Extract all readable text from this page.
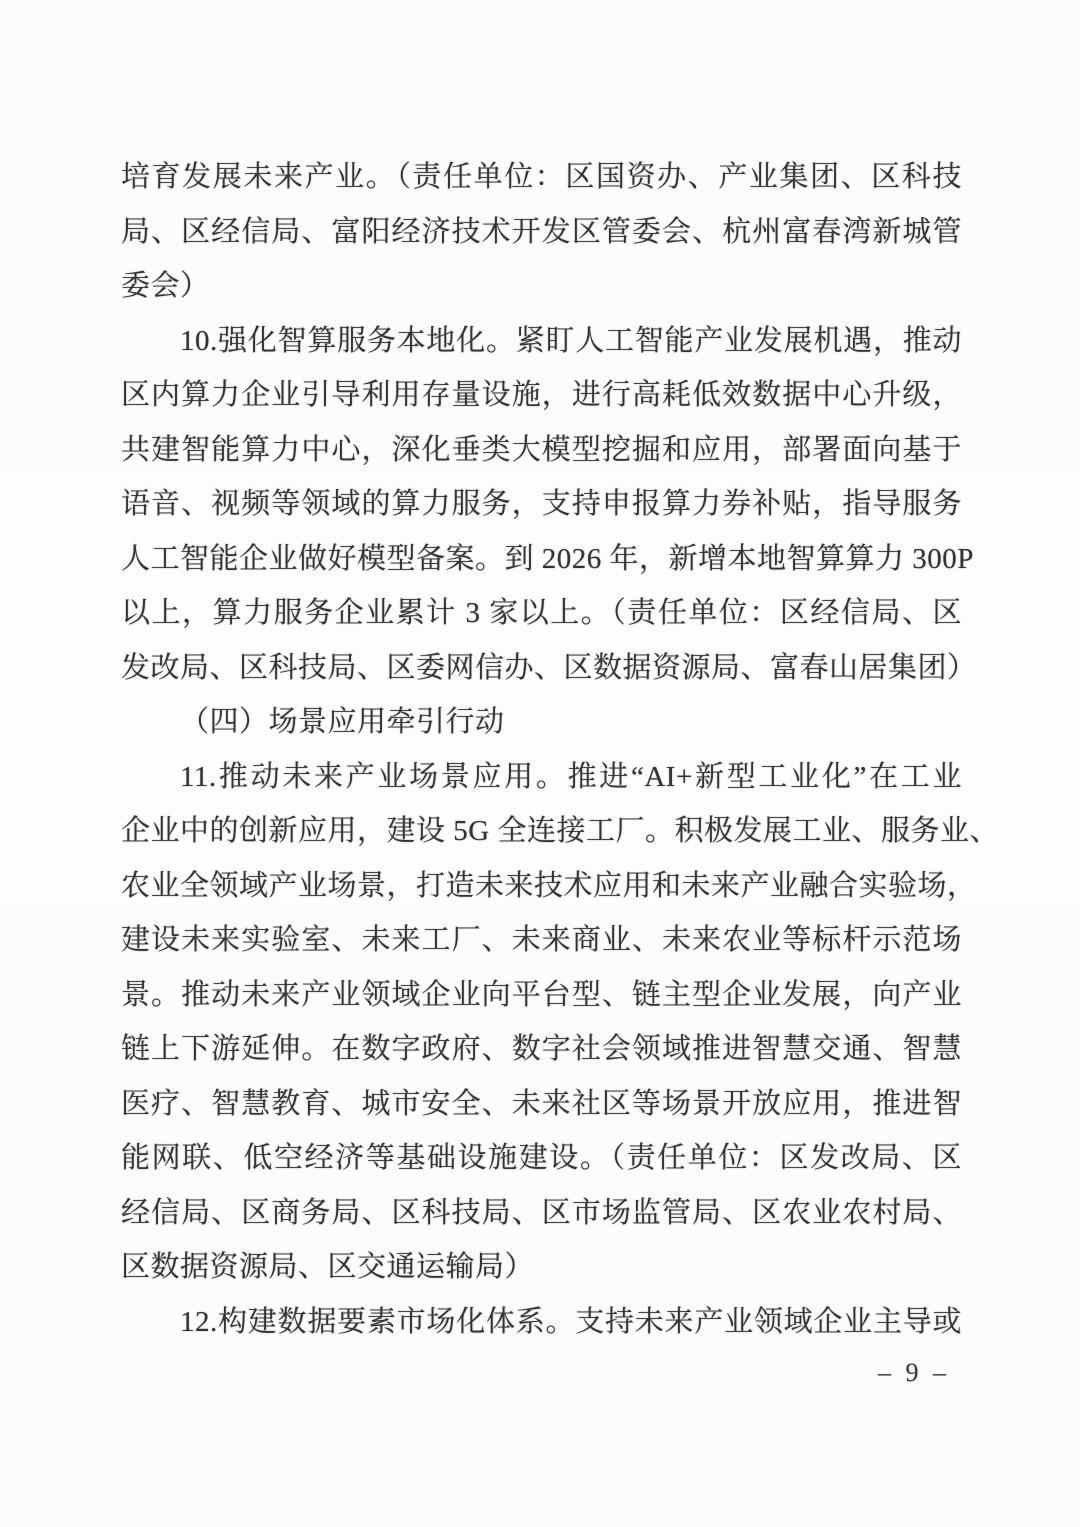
培育发展未来产业。（责任单位：区国资办、产业集团、区科技
局、区经信局、富阳经济技术开发区管委会、杭州富春湾新城管
委会）
10.强化智算服务本地化。紧盯人工智能产业发展机遇，推动
区内算力企业引导利用存量设施，进行高耗低效数据中心升级，
共建智能算力中心，深化垂类大模型挖掘和应用，部署面向基于
语音、视频等领域的算力服务，支持申报算力券补贴，指导服务
人工智能企业做好模型备案。到 2026 年，新增本地智算算力 300P
以上，算力服务企业累计 3 家以上。（责任单位：区经信局、区
发改局、区科技局、区委网信办、区数据资源局、富春山居集团）
（四）场景应用牵引行动
11.推动未来产业场景应用。推进“AI+新型工业化”在工业
企业中的创新应用，建设 5G 全连接工厂。积极发展工业、服务业、
农业全领域产业场景，打造未来技术应用和未来产业融合实验场，
建设未来实验室、未来工厂、未来商业、未来农业等标杆示范场
景。推动未来产业领域企业向平台型、链主型企业发展，向产业
链上下游延伸。在数字政府、数字社会领域推进智慧交通、智慧
医疗、智慧教育、城市安全、未来社区等场景开放应用，推进智
能网联、低空经济等基础设施建设。（责任单位：区发改局、区
经信局、区商务局、区科技局、区市场监管局、区农业农村局、
区数据资源局、区交通运输局）
12.构建数据要素市场化体系。支持未来产业领域企业主导或
– 9 –
